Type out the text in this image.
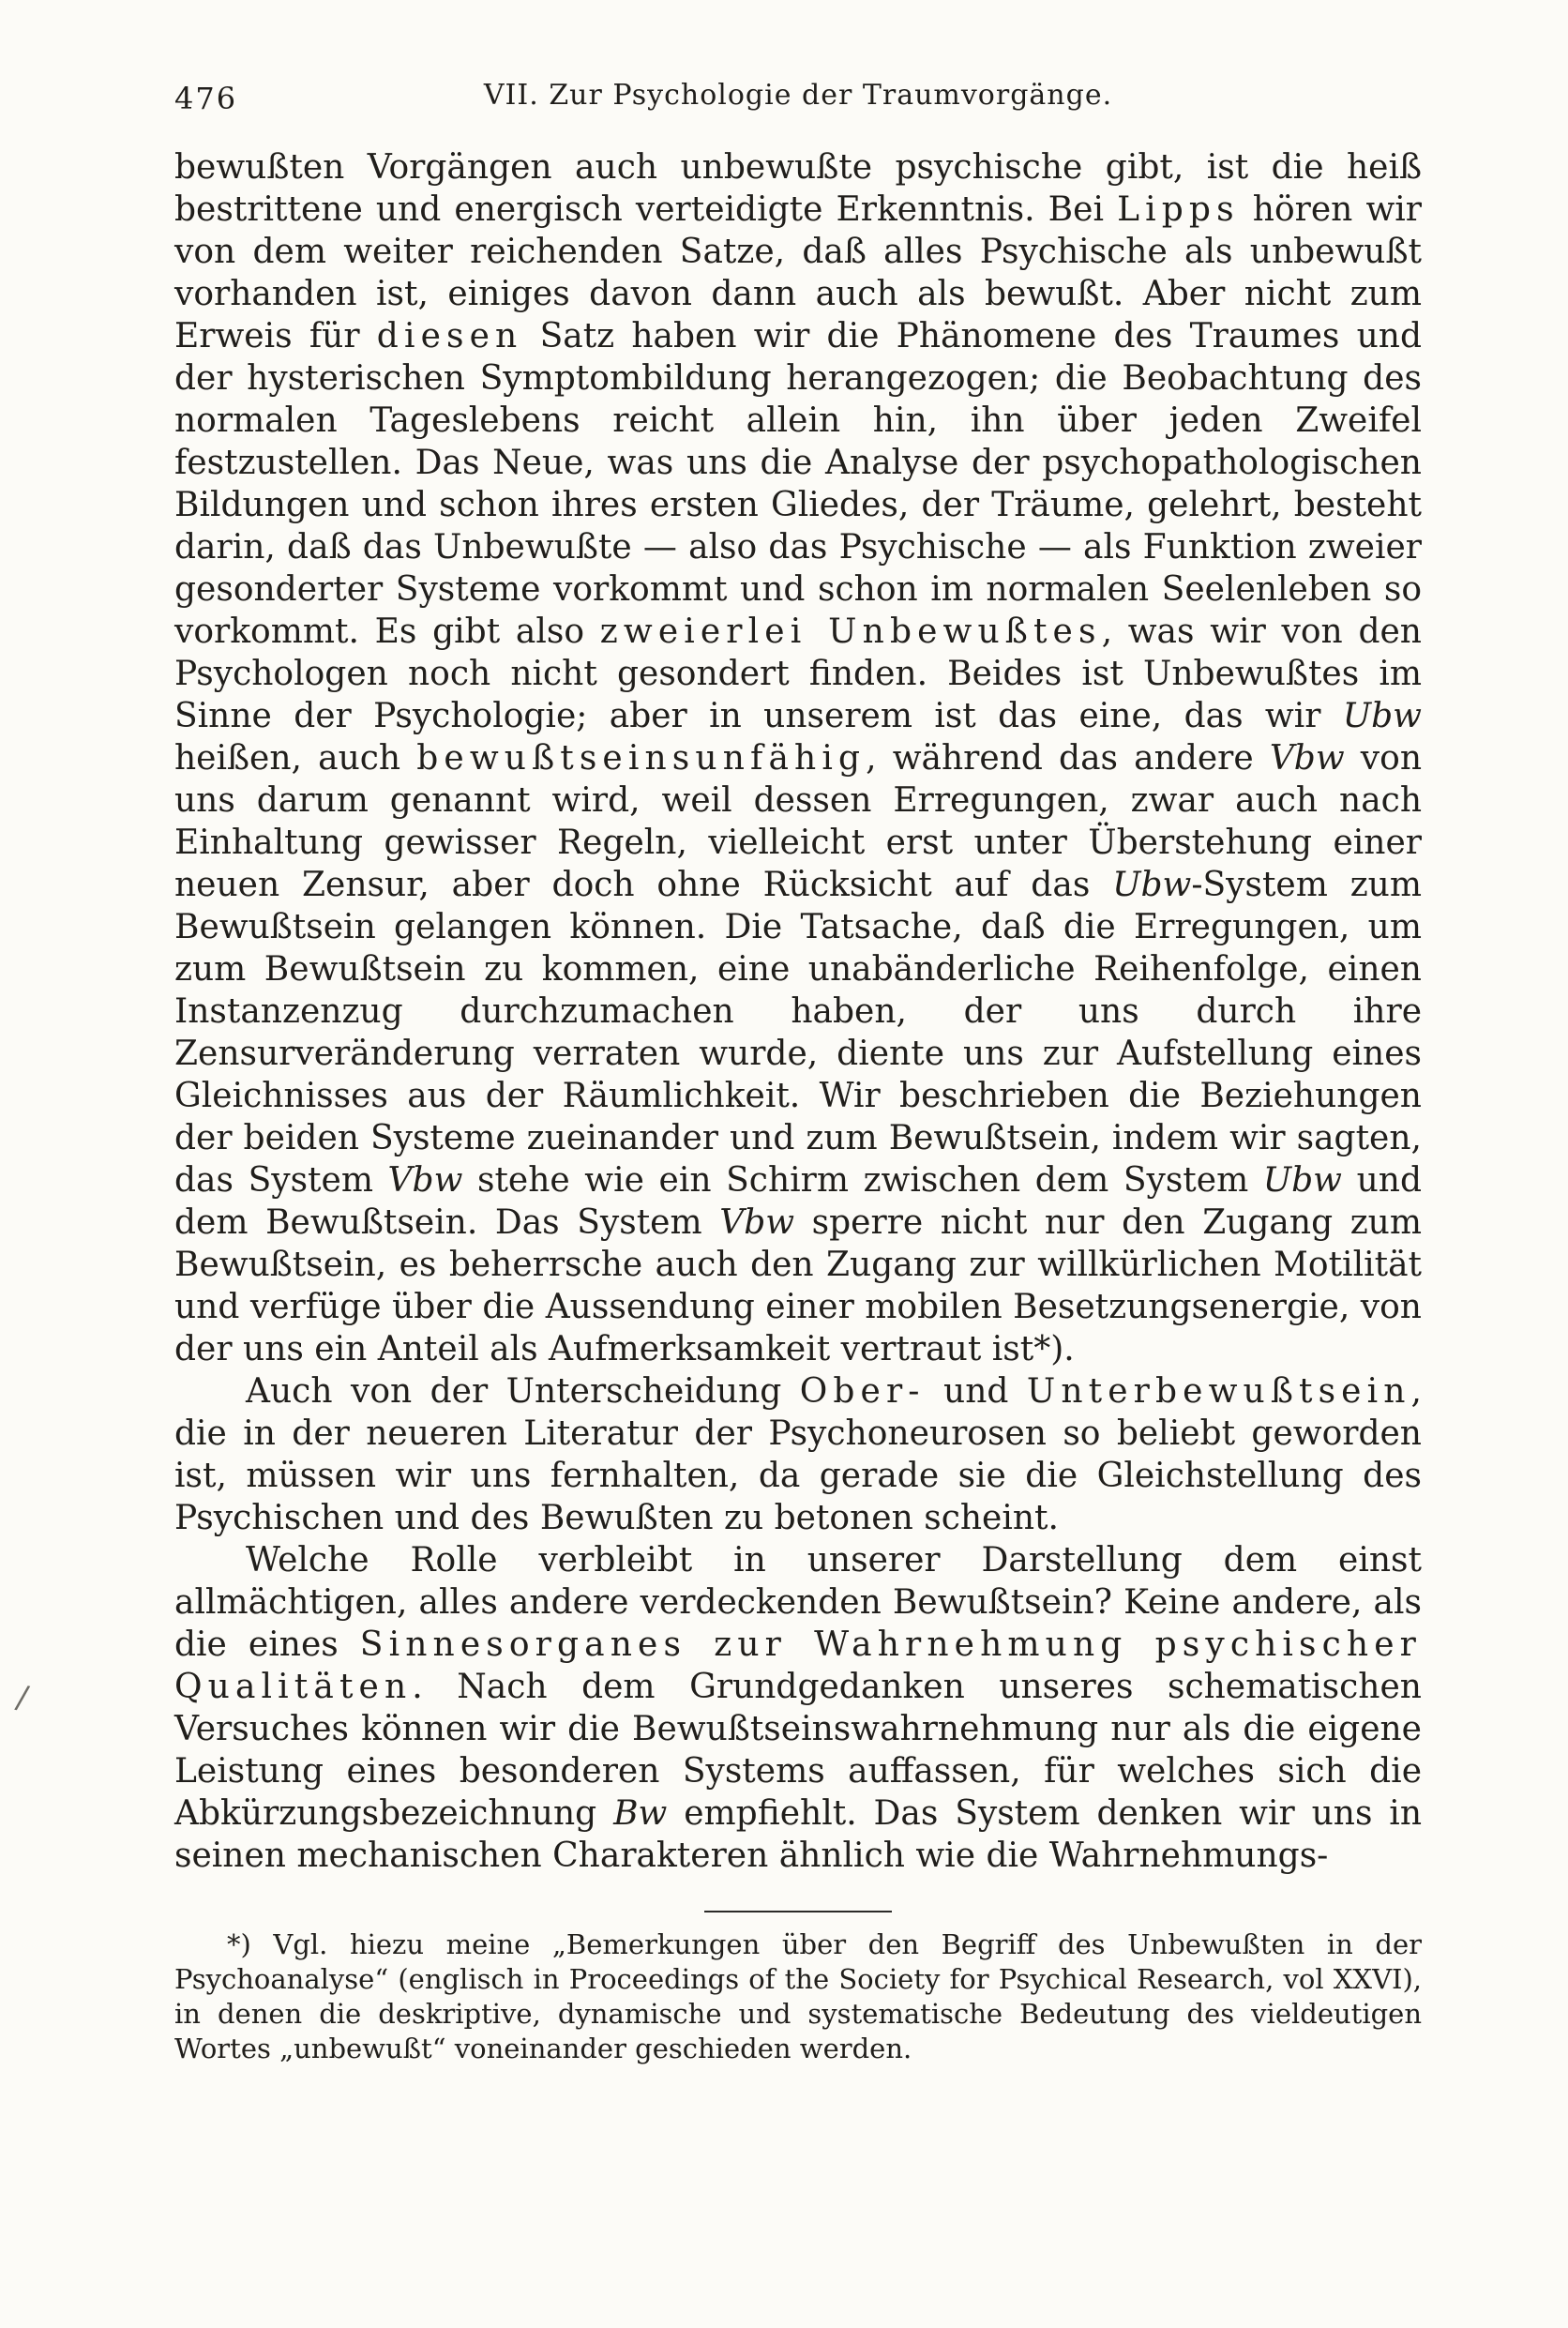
476	VII. Zur Psychologie der Traumvorgänge.

bewußten Vorgängen auch unbewußte psychische gibt, ist die heiß bestrittene und energisch verteidigte Erkenntnis. Bei Lipps hören wir von dem weiter reichenden Satze, daß alles Psychische als unbewußt vorhanden ist, einiges davon dann auch als bewußt. Aber nicht zum Erweis für diesen Satz haben wir die Phänomene des Traumes und der hysterischen Symptombildung herangezogen; die Beobachtung des normalen Tageslebens reicht allein hin, ihn über jeden Zweifel festzustellen. Das Neue, was uns die Analyse der psychopathologischen Bildungen und schon ihres ersten Gliedes, der Träume, gelehrt, besteht darin, daß das Unbewußte — also das Psychische — als Funktion zweier gesonderter Systeme vorkommt und schon im normalen Seelenleben so vorkommt. Es gibt also zweierlei Unbewußtes, was wir von den Psychologen noch nicht gesondert finden. Beides ist Unbewußtes im Sinne der Psychologie; aber in unserem ist das eine, das wir Ubw heißen, auch bewußtseinsunfähig, während das andere Vbw von uns darum genannt wird, weil dessen Erregungen, zwar auch nach Einhaltung gewisser Regeln, vielleicht erst unter Überstehung einer neuen Zensur, aber doch ohne Rücksicht auf das Ubw-System zum Bewußtsein gelangen können. Die Tatsache, daß die Erregungen, um zum Bewußtsein zu kommen, eine unabänderliche Reihenfolge, einen Instanzenzug durchzumachen haben, der uns durch ihre Zensurveränderung verraten wurde, diente uns zur Aufstellung eines Gleichnisses aus der Räumlichkeit. Wir beschrieben die Beziehungen der beiden Systeme zueinander und zum Bewußtsein, indem wir sagten, das System Vbw stehe wie ein Schirm zwischen dem System Ubw und dem Bewußtsein. Das System Vbw sperre nicht nur den Zugang zum Bewußtsein, es beherrsche auch den Zugang zur willkürlichen Motilität und verfüge über die Aussendung einer mobilen Besetzungsenergie, von der uns ein Anteil als Aufmerksamkeit vertraut ist*).

Auch von der Unterscheidung Ober- und Unterbewußtsein, die in der neueren Literatur der Psychoneurosen so beliebt geworden ist, müssen wir uns fernhalten, da gerade sie die Gleichstellung des Psychischen und des Bewußten zu betonen scheint.

Welche Rolle verbleibt in unserer Darstellung dem einst allmächtigen, alles andere verdeckenden Bewußtsein? Keine andere, als die eines Sinnesorganes zur Wahrnehmung psychischer Qualitäten. Nach dem Grundgedanken unseres schematischen Versuches können wir die Bewußtseinswahrnehmung nur als die eigene Leistung eines besonderen Systems auffassen, für welches sich die Abkürzungsbezeichnung Bw empfiehlt. Das System denken wir uns in seinen mechanischen Charakteren ähnlich wie die Wahrnehmungs-

*) Vgl. hiezu meine „Bemerkungen über den Begriff des Unbewußten in der Psychoanalyse“ (englisch in Proceedings of the Society for Psychical Research, vol XXVI), in denen die deskriptive, dynamische und systematische Bedeutung des vieldeutigen Wortes „unbewußt“ voneinander geschieden werden.

/
